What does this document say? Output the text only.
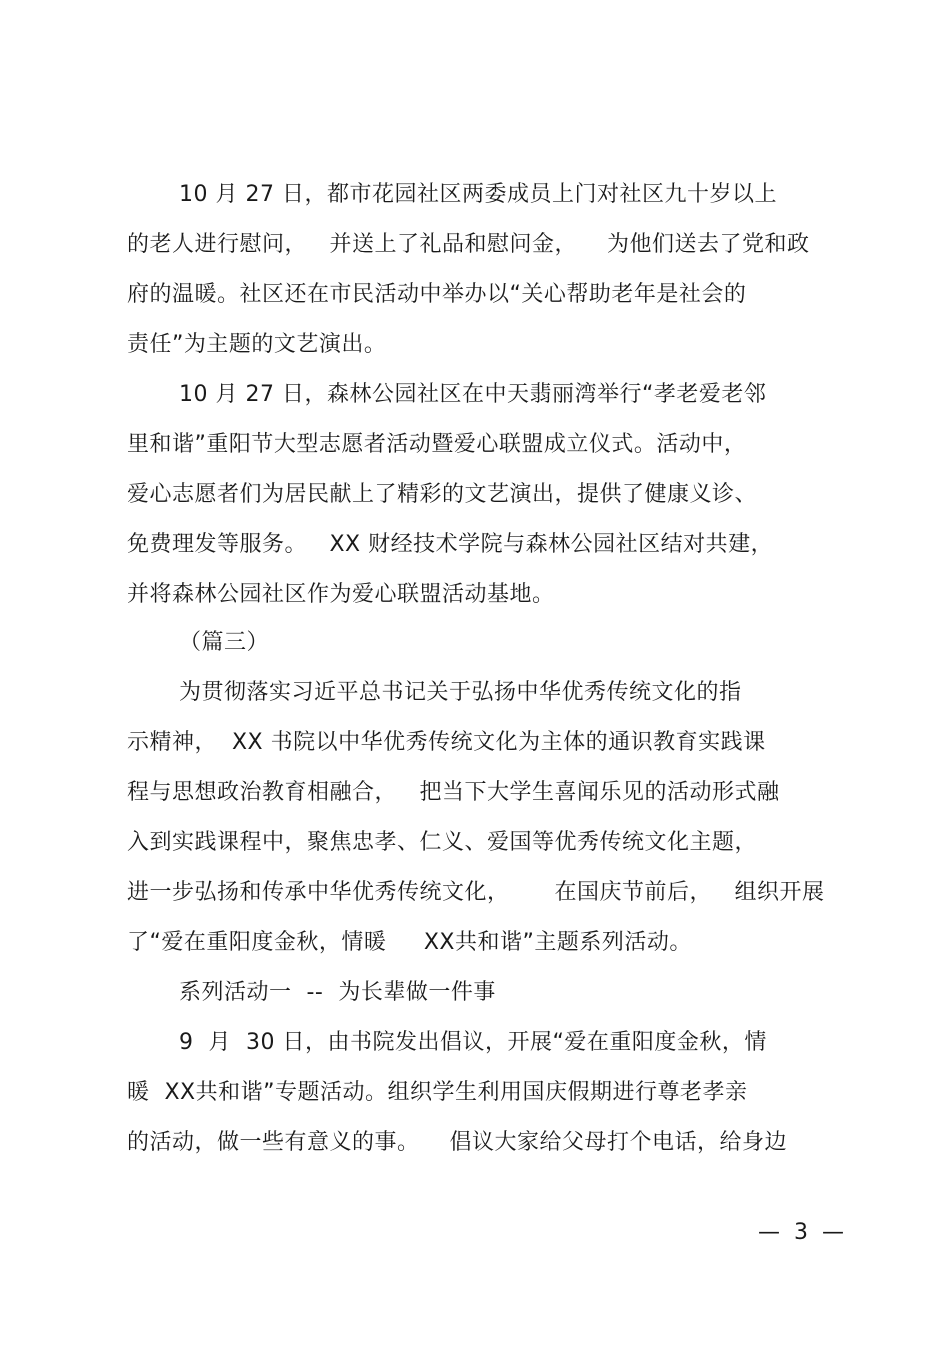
10 月 27 日，都市花园社区两委成员上门对社区九十岁以上
的老人进行慰问，   并送上了礼品和慰问金，    为他们送去了党和政
府的温暖。社区还在市民活动中举办以“关心帮助老年是社会的
责任”为主题的文艺演出。
10 月 27 日，森林公园社区在中天翡丽湾举行“孝老爱老邻
里和谐”重阳节大型志愿者活动暨爱心联盟成立仪式。活动中，
爱心志愿者们为居民献上了精彩的文艺演出，提供了健康义诊、
免费理发等服务。   XX 财经技术学院与森林公园社区结对共建，
并将森林公园社区作为爱心联盟活动基地。
（篇三）
为贯彻落实习近平总书记关于弘扬中华优秀传统文化的指
示精神，  XX 书院以中华优秀传统文化为主体的通识教育实践课
程与思想政治教育相融合，   把当下大学生喜闻乐见的活动形式融
入到实践课程中，聚焦忠孝、仁义、爱国等优秀传统文化主题，
进一步弘扬和传承中华优秀传统文化，      在国庆节前后，   组织开展
了“爱在重阳度金秋，情暖     XX共和谐”主题系列活动。
系列活动一  --  为长辈做一件事
9  月  30 日，由书院发出倡议，开展“爱在重阳度金秋，情
暖  XX共和谐”专题活动。组织学生利用国庆假期进行尊老孝亲
的活动，做一些有意义的事。    倡议大家给父母打个电话，给身边
—  3  —
